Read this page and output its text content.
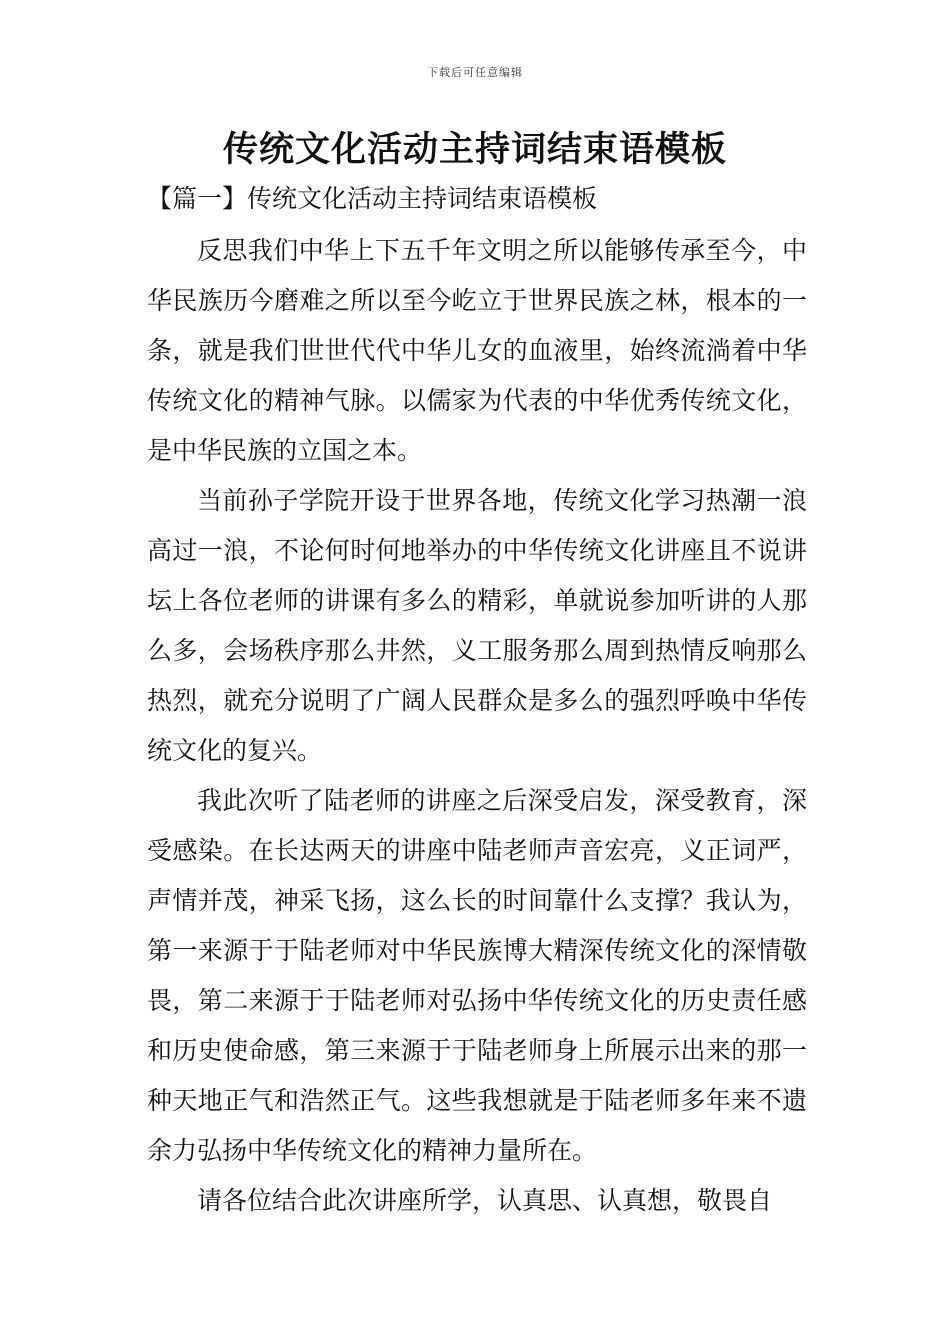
下载后可任意编辑
传统文化活动主持词结束语模板
【篇一】传统文化活动主持词结束语模板

反思我们中华上下五千年文明之所以能够传承至今，中华民族历今磨难之所以至今屹立于世界民族之林，根本的一条，就是我们世世代代中华儿女的血液里，始终流淌着中华传统文化的精神气脉。以儒家为代表的中华优秀传统文化，是中华民族的立国之本。

当前孙子学院开设于世界各地，传统文化学习热潮一浪高过一浪，不论何时何地举办的中华传统文化讲座且不说讲坛上各位老师的讲课有多么的精彩，单就说参加听讲的人那么多，会场秩序那么井然，义工服务那么周到热情反响那么热烈，就充分说明了广阔人民群众是多么的强烈呼唤中华传统文化的复兴。

我此次听了陆老师的讲座之后深受启发，深受教育，深受感染。在长达两天的讲座中陆老师声音宏亮，义正词严，声情并茂，神采飞扬，这么长的时间靠什么支撑？我认为，第一来源于于陆老师对中华民族博大精深传统文化的深情敬畏，第二来源于于陆老师对弘扬中华传统文化的历史责任感和历史使命感，第三来源于于陆老师身上所展示出来的那一种天地正气和浩然正气。这些我想就是于陆老师多年来不遗余力弘扬中华传统文化的精神力量所在。

请各位结合此次讲座所学，认真思、认真想，敬畏自
